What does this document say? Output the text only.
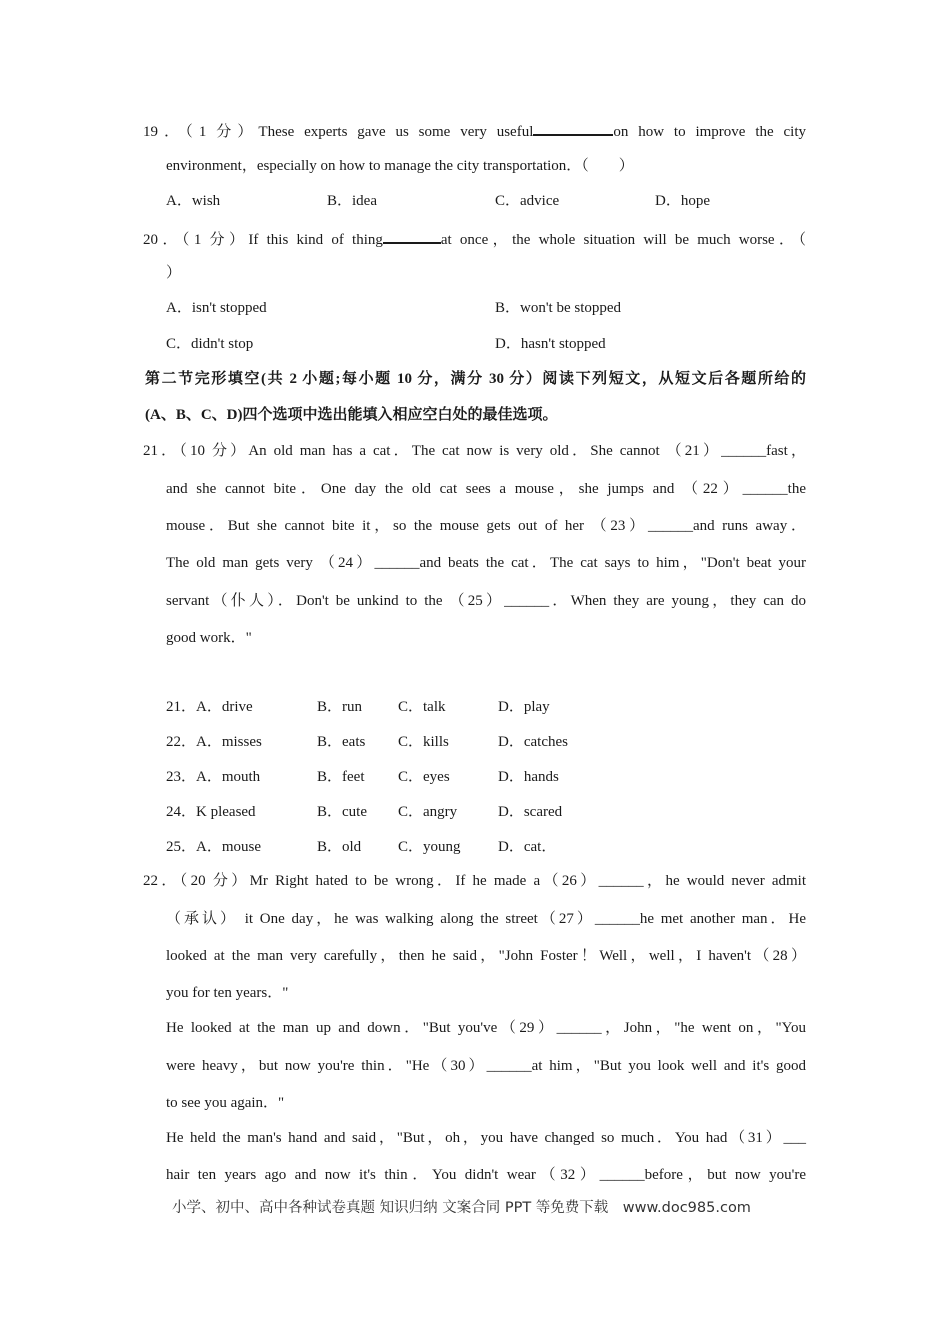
19．（1 分）These experts gave us some very useful	on how to improve the city
environment，especially on how to manage the city transportation．（　　）
A．wish	B．idea	C．advice	D．hope
20．（1 分）If this kind of thing	at once，the whole situation will be much worse．（
）
A．isn't stopped	B．won't be stopped
C．didn't stop	D．hasn't stopped
第二节完形填空(共 2 小题;每小题 10 分，满分 30 分）阅读下列短文，从短文后各题所给的
(A、B、C、D)四个选项中选出能填入相应空白处的最佳选项。
21．（10 分）An old man has a cat．The cat now is very old．She cannot （21）______fast，
and she cannot bite．One day the old cat sees a mouse，she jumps and （22）______the
mouse．But she cannot bite it，so the mouse gets out of her （23）______and runs away．
The old man gets very （24）______and beats the cat．The cat says to him，"Don't beat your
servant（仆人）．Don't be unkind to the （25）______．When they are young，they can do
good work．"
21．A．drive	B．run C．talk	D．play
22．A．misses	B．eats C．kills	D．catches
23．A．mouth	B．feet C．eyes	D．hands
24．K pleased	B．cute C．angry	D．scared
25．A．mouse	B．old C．young D．cat．
22．（20 分）Mr Right hated to be wrong．If he made a（26）______，he would never admit
（承认） it One day，he was walking along the street（27）______he met another man．He
looked at the man very carefully，then he said，"John Foster！Well，well，I haven't（28）
you for ten years．"
He looked at the man up and down．"But you've（29）______，John，"he went on，"You
were heavy，but now you're thin．"He（30）______at him，"But you look well and it's good
to see you again．"
He held the man's hand and said，"But，oh，you have changed so much．You had（31）___
hair ten years ago and now it's thin．You didn't wear（32）______before，but now you're
小学、初中、高中各种试卷真题 知识归纳 文案合同 PPT 等免费下载　www.doc985.com
